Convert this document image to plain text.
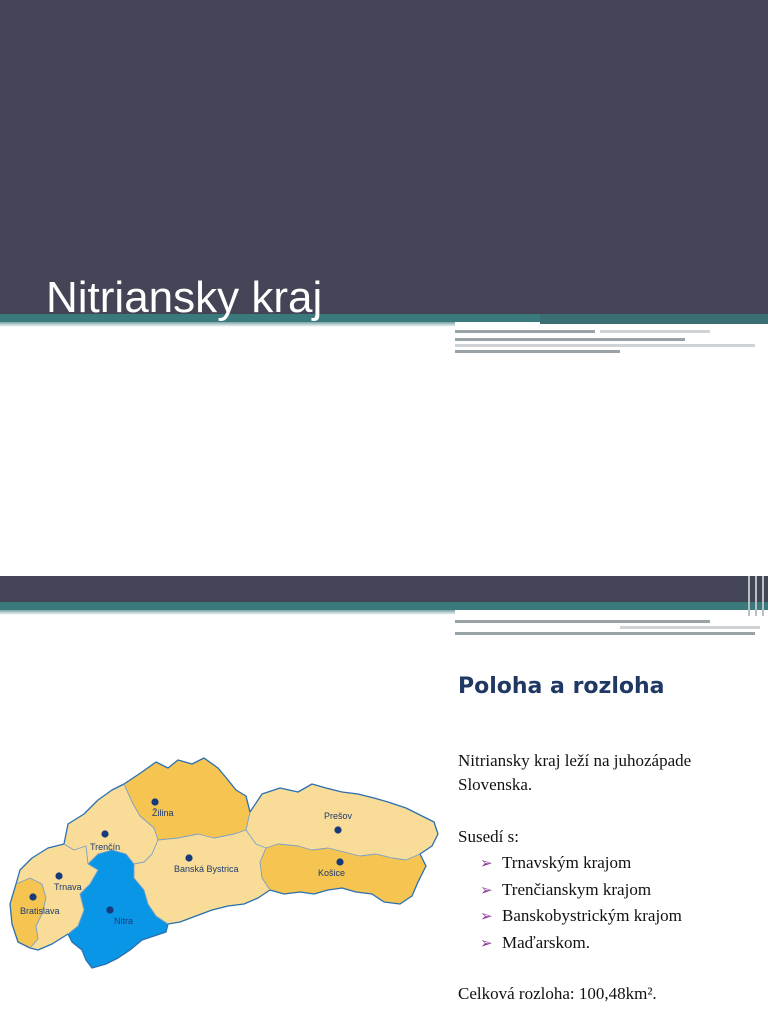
Nitriansky kraj
Žilina	Prešov
Trenčín
Banská Bystrica	Košice
Trnava
Bratislava
Nitra
Poloha a rozloha
Nitriansky kraj leží na juhozápade Slovenska.
Susedí s:
➢ Trnavským krajom
➢ Trenčianskym krajom
➢ Banskobystrickým krajom
➢ Maďarskom.
Celková rozloha: 100,48km².
